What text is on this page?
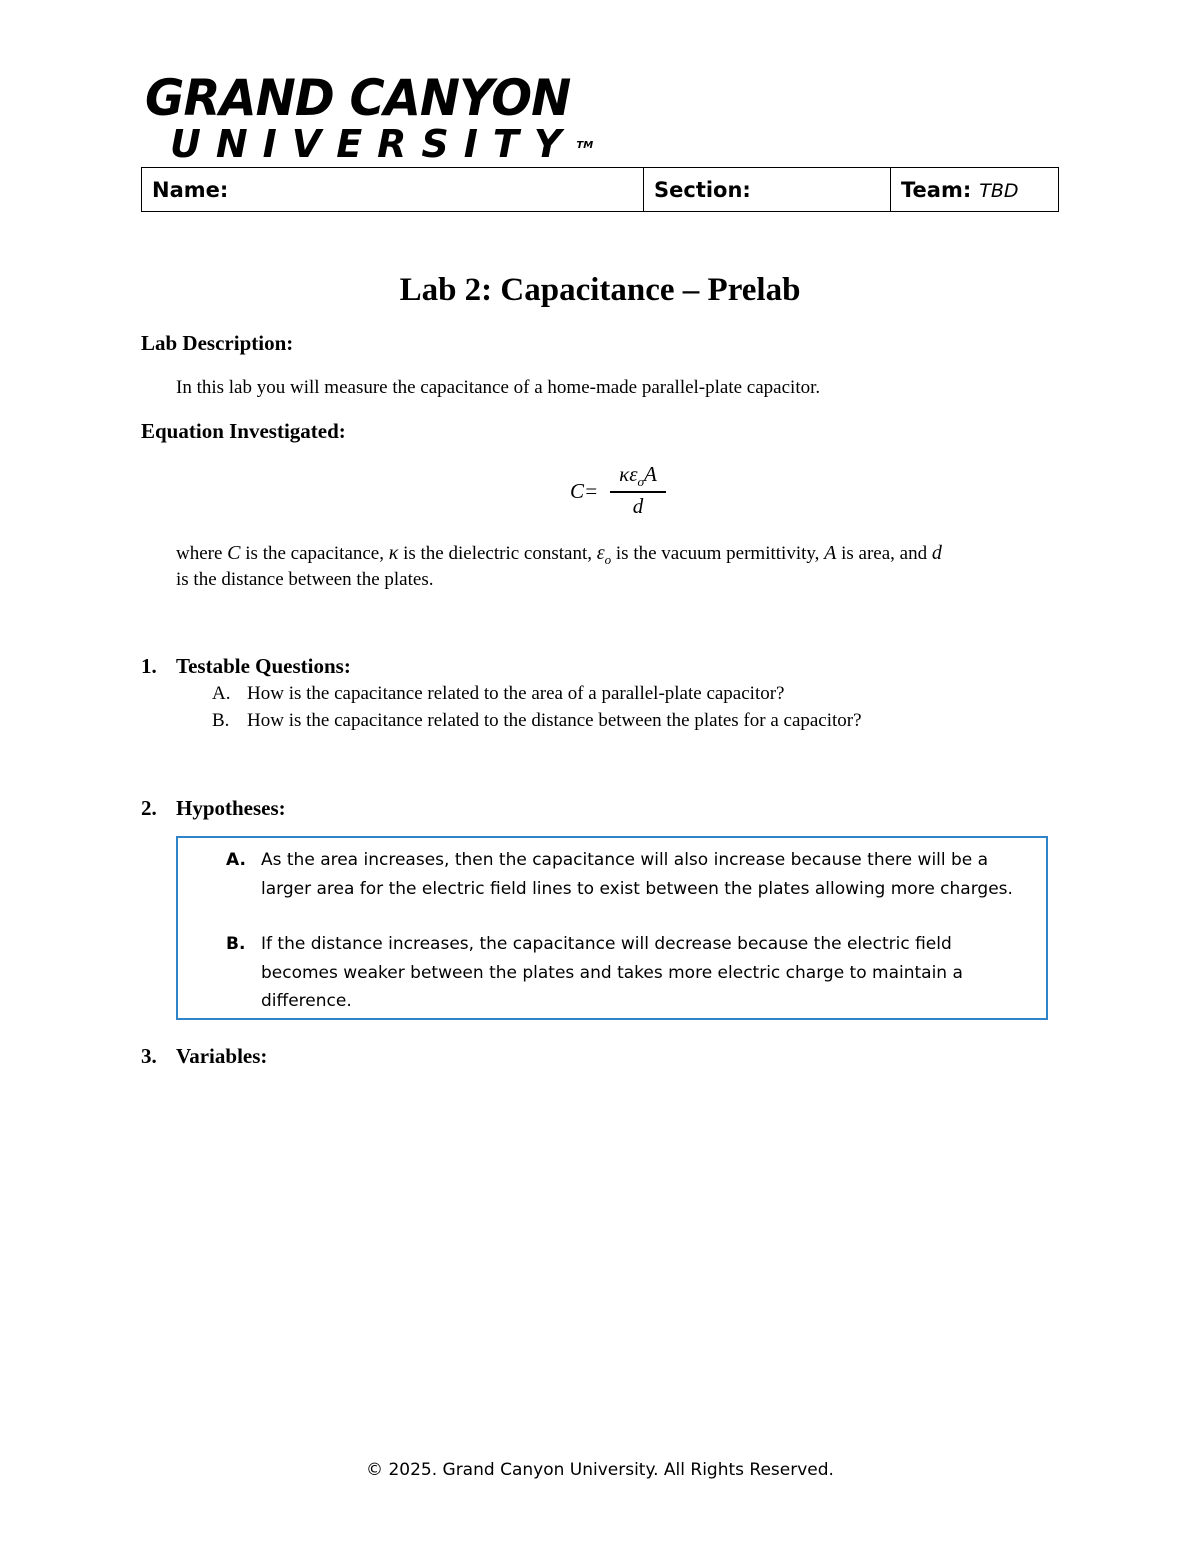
GRAND CANYON
UNIVERSITY™
Name:	Section:	Team: TBD
Lab 2: Capacitance – Prelab
Lab Description:
In this lab you will measure the capacitance of a home-made parallel-plate capacitor.
Equation Investigated:
C=
$\kappa\varepsilon_oA$
d
where C is the capacitance, κ is the dielectric constant, $\varepsilon_o$ is the vacuum permittivity, A is area, and d
is the distance between the plates.
1. Testable Questions:
A. How is the capacitance related to the area of a parallel-plate capacitor?
B. How is the capacitance related to the distance between the plates for a capacitor?
2. Hypotheses:
A. As the area increases, then the capacitance will also increase because there will be a larger area for the electric field lines to exist between the plates allowing more charges.
B. If the distance increases, the capacitance will decrease because the electric field becomes weaker between the plates and takes more electric charge to maintain a difference.
3. Variables:
© 2025. Grand Canyon University. All Rights Reserved.
